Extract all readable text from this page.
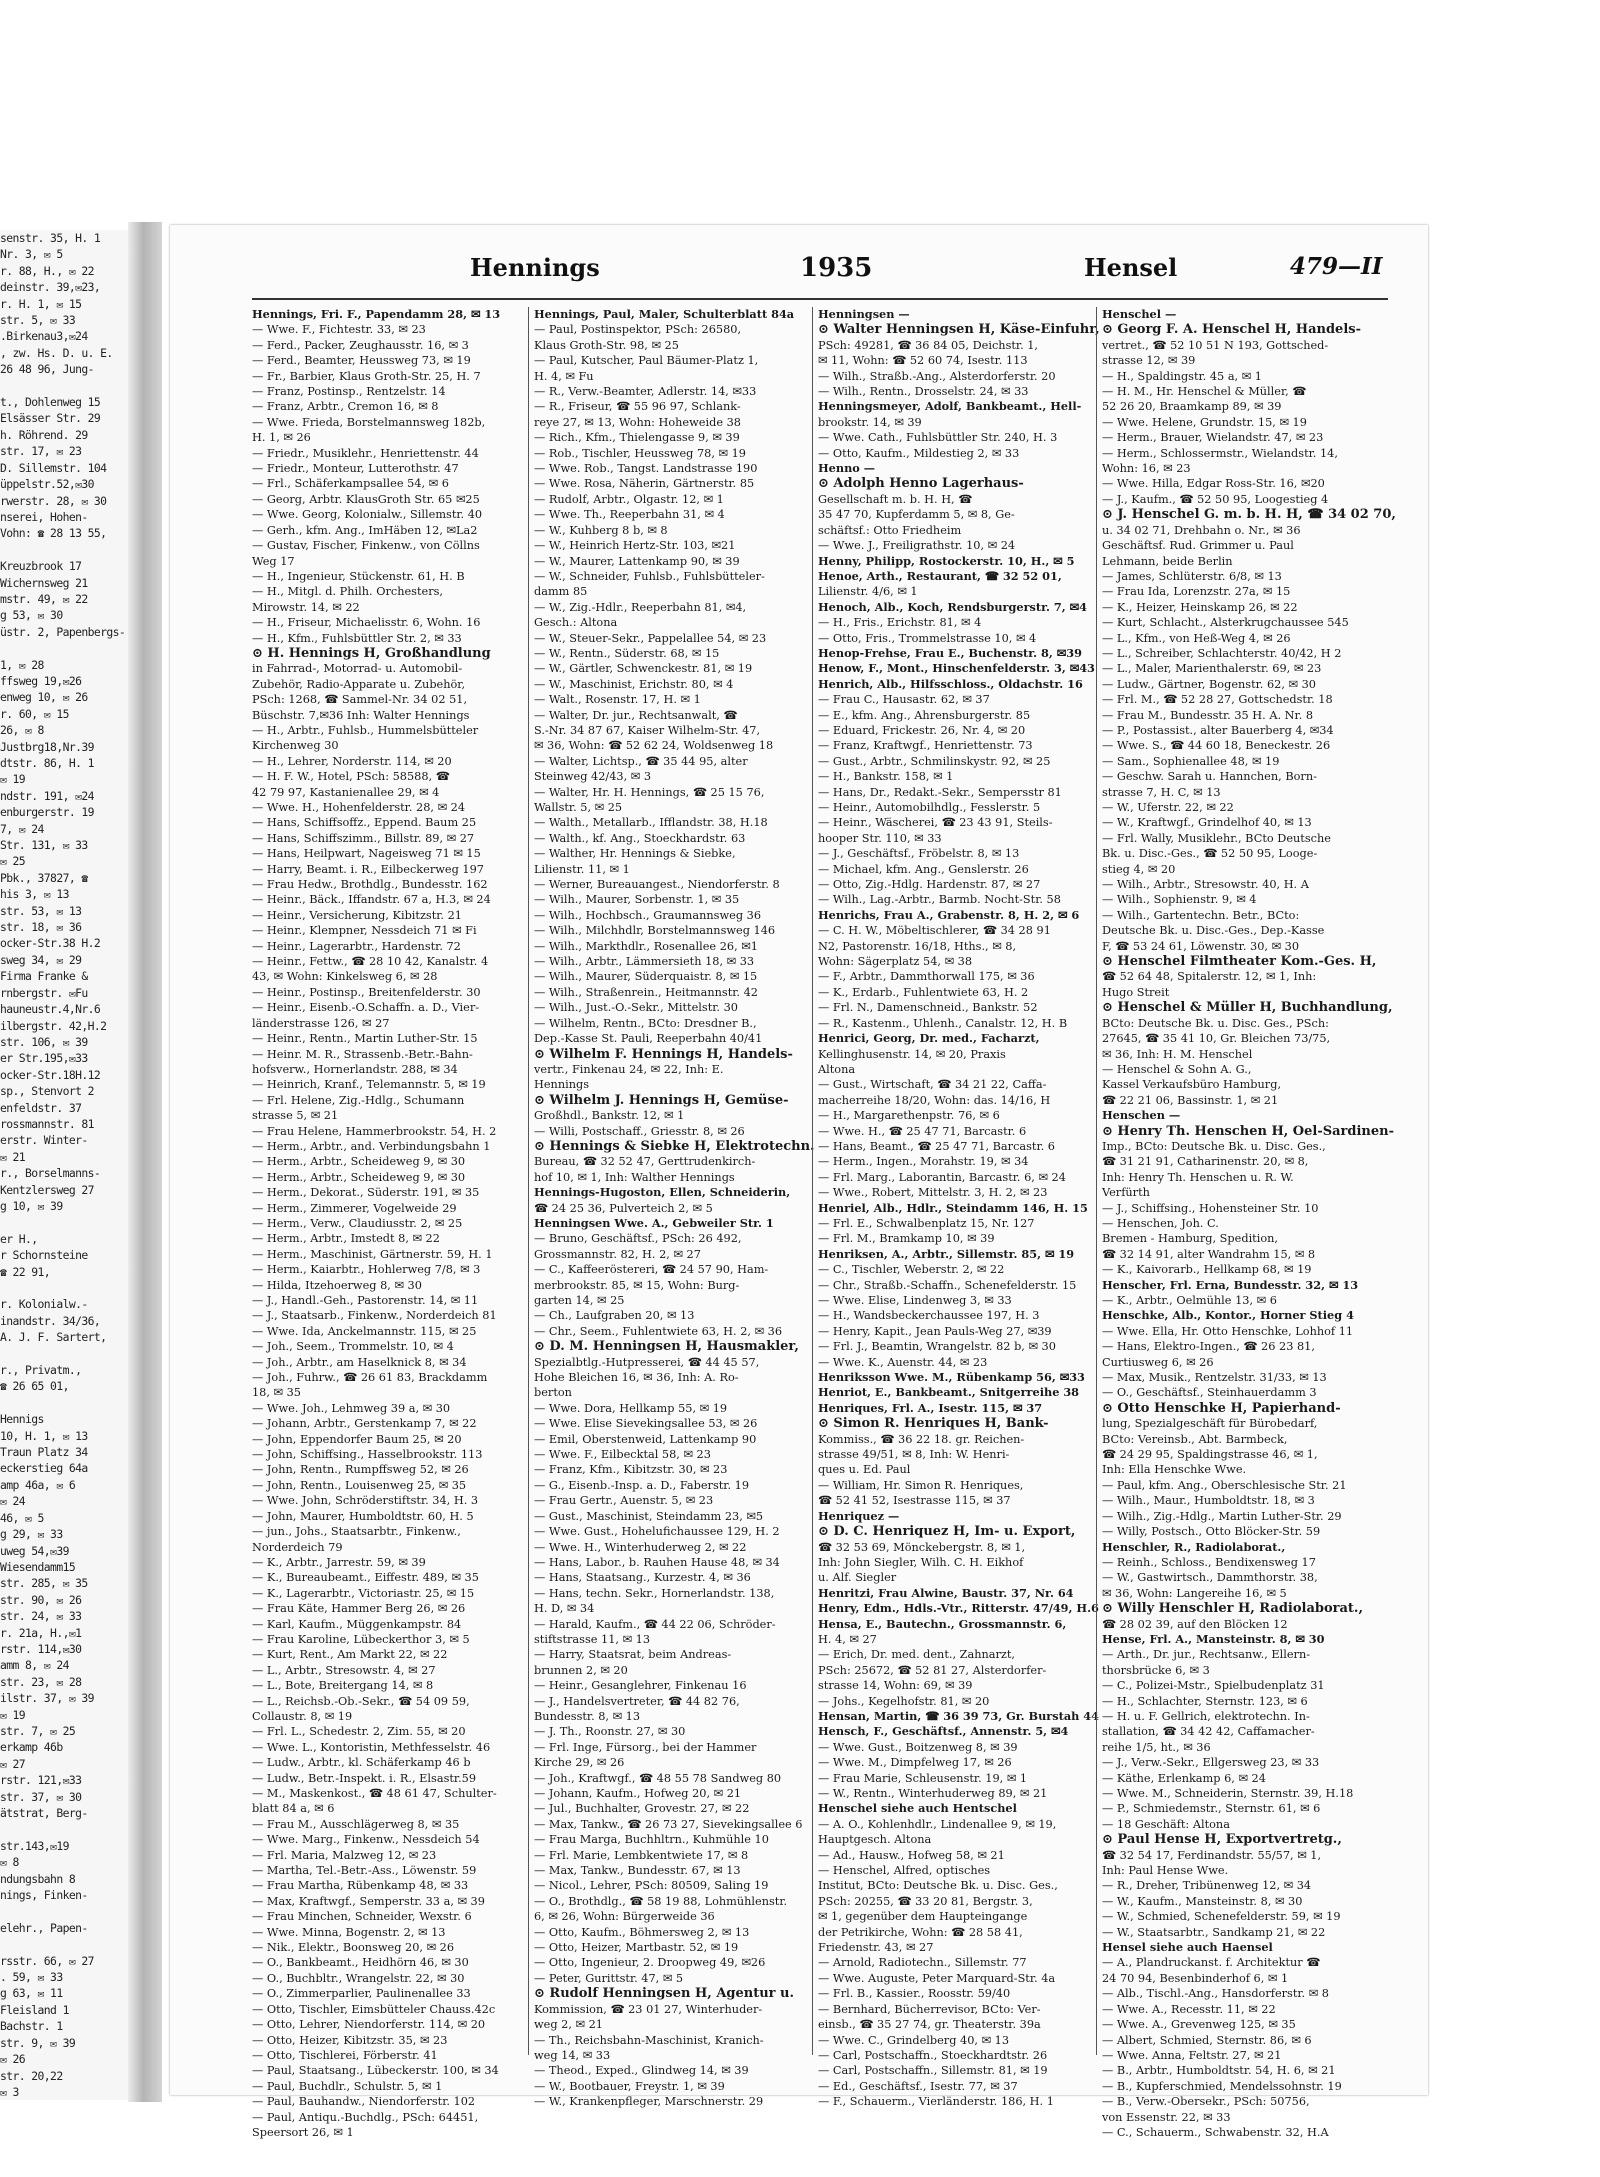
senstr. 35, H. 1
Nr. 3, ✉ 5
r. 88, H., ✉ 22
deinstr. 39,✉23,
r. H. 1, ✉ 15
str. 5, ✉ 33
.Birkenau3,✉24
, zw. Hs. D. u. E.
26 48 96, Jung-

t., Dohlenweg 15
Elsässer Str. 29
h. Röhrend. 29
str. 17, ✉ 23
D. Sillemstr. 104
üppelstr.52,✉30
rwerstr. 28, ✉ 30
nserei, Hohen-
Vohn: ☎ 28 13 55,

Kreuzbrook 17
Wichernsweg 21
mstr. 49, ✉ 22
g 53, ✉ 30
üstr. 2, Papenbergs-

1, ✉ 28
ffsweg 19,✉26
enweg 10, ✉ 26
r. 60, ✉ 15
26, ✉ 8
Justbrg18,Nr.39
dtstr. 86, H. 1
✉ 19
ndstr. 191, ✉24
enburgerstr. 19
7, ✉ 24
Str. 131, ✉ 33
✉ 25
Pbk., 37827, ☎
his 3, ✉ 13
str. 53, ✉ 13
str. 18, ✉ 36
ocker-Str.38 H.2
sweg 34, ✉ 29
Firma Franke &
rnbergstr. ✉Fu
hauneustr.4,Nr.6
ilbergstr. 42,H.2
str. 106, ✉ 39
er Str.195,✉33
ocker-Str.18H.12
sp., Stenvort 2
enfeldstr. 37
rossmannstr. 81
erstr. Winter-
✉ 21
r., Borselmanns-
Kentzlersweg 27
g 10, ✉ 39

er H.,
r Schornsteine
☎ 22 91,

r. Kolonialw.-
inandstr. 34/36,
A. J. F. Sartert,

r., Privatm.,
☎ 26 65 01,

Hennigs
10, H. 1, ✉ 13
Traun Platz 34
eckerstieg 64a
amp 46a, ✉ 6
✉ 24
46, ✉ 5
g 29, ✉ 33
uweg 54,✉39
Wiesendamm15
str. 285, ✉ 35
str. 90, ✉ 26
str. 24, ✉ 33
r. 21a, H.,✉1
rstr. 114,✉30
amm 8, ✉ 24
str. 23, ✉ 28
ilstr. 37, ✉ 39
✉ 19
str. 7, ✉ 25
erkamp 46b
✉ 27
rstr. 121,✉33
str. 37, ✉ 30
ätstrat, Berg-

str.143,✉19
✉ 8
ndungsbahn 8
nings, Finken-

elehr., Papen-

rsstr. 66, ✉ 27
. 59, ✉ 33
g 63, ✉ 11
Fleisland 1
Bachstr. 1
str. 9, ✉ 39
✉ 26
str. 20,22
✉ 3
Hennings	1935	Hensel	479—II
Hennings, Fri. F., Papendamm 28, ✉ 13
— Wwe. F., Fichtestr. 33, ✉ 23
— Ferd., Packer, Zeughausstr. 16, ✉ 3
— Ferd., Beamter, Heussweg 73, ✉ 19
— Fr., Barbier, Klaus Groth-Str. 25, H. 7
— Franz, Postinsp., Rentzelstr. 14
— Franz, Arbtr., Cremon 16, ✉ 8
— Wwe. Frieda, Borstelmannsweg 182b,
H. 1, ✉ 26
— Friedr., Musiklehr., Henriettenstr. 44
— Friedr., Monteur, Lutterothstr. 47
— Frl., Schäferkampsallee 54, ✉ 6
— Georg, Arbtr. KlausGroth Str. 65 ✉25
— Wwe. Georg, Kolonialw., Sillemstr. 40
— Gerh., kfm. Ang., ImHäben 12, ✉La2
— Gustav, Fischer, Finkenw., von Cöllns
Weg 17
— H., Ingenieur, Stückenstr. 61, H. B
— H., Mitgl. d. Philh. Orchesters,
Mirowstr. 14, ✉ 22
— H., Friseur, Michaelisstr. 6, Wohn. 16
— H., Kfm., Fuhlsbüttler Str. 2, ✉ 33
⊙ H. Hennings H, Großhandlung
in Fahrrad-, Motorrad- u. Automobil-
Zubehör, Radio-Apparate u. Zubehör,
PSch: 1268, ☎ Sammel-Nr. 34 02 51,
Büschstr. 7,✉36 Inh: Walter Hennings
— H., Arbtr., Fuhlsb., Hummelsbütteler
Kirchenweg 30
— H., Lehrer, Norderstr. 114, ✉ 20
— H. F. W., Hotel, PSch: 58588, ☎
42 79 97, Kastanienallee 29, ✉ 4
— Wwe. H., Hohenfelderstr. 28, ✉ 24
— Hans, Schiffsoffz., Eppend. Baum 25
— Hans, Schiffszimm., Billstr. 89, ✉ 27
— Hans, Heilpwart, Nageisweg 71 ✉ 15
— Harry, Beamt. i. R., Eilbeckerweg 197
— Frau Hedw., Brothdlg., Bundesstr. 162
— Heinr., Bäck., Iffandstr. 67 a, H.3, ✉ 24
— Heinr., Versicherung, Kibitzstr. 21
— Heinr., Klempner, Nessdeich 71 ✉ Fi
— Heinr., Lagerarbtr., Hardenstr. 72
— Heinr., Fettw., ☎ 28 10 42, Kanalstr. 4
43, ✉ Wohn: Kinkelsweg 6, ✉ 28
— Heinr., Postinsp., Breitenfelderstr. 30
— Heinr., Eisenb.-O.Schaffn. a. D., Vier-
länderstrasse 126, ✉ 27
— Heinr., Rentn., Martin Luther-Str. 15
— Heinr. M. R., Strassenb.-Betr.-Bahn-
hofsverw., Hornerlandstr. 288, ✉ 34
— Heinrich, Kranf., Telemannstr. 5, ✉ 19
— Frl. Helene, Zig.-Hdlg., Schumann
strasse 5, ✉ 21
— Frau Helene, Hammerbrookstr. 54, H. 2
— Herm., Arbtr., and. Verbindungsbahn 1
— Herm., Arbtr., Scheideweg 9, ✉ 30
— Herm., Arbtr., Scheideweg 9, ✉ 30
— Herm., Dekorat., Süderstr. 191, ✉ 35
— Herm., Zimmerer, Vogelweide 29
— Herm., Verw., Claudiusstr. 2, ✉ 25
— Herm., Arbtr., Imstedt 8, ✉ 22
— Herm., Maschinist, Gärtnerstr. 59, H. 1
— Herm., Kaiarbtr., Hohlerweg 7/8, ✉ 3
— Hilda, Itzehoerweg 8, ✉ 30
— J., Handl.-Geh., Pastorenstr. 14, ✉ 11
— J., Staatsarb., Finkenw., Norderdeich 81
— Wwe. Ida, Anckelmannstr. 115, ✉ 25
— Joh., Seem., Trommelstr. 10, ✉ 4
— Joh., Arbtr., am Haselknick 8, ✉ 34
— Joh., Fuhrw., ☎ 26 61 83, Brackdamm
18, ✉ 35
— Wwe. Joh., Lehmweg 39 a, ✉ 30
— Johann, Arbtr., Gerstenkamp 7, ✉ 22
— John, Eppendorfer Baum 25, ✉ 20
— John, Schiffsing., Hasselbrookstr. 113
— John, Rentn., Rumpffsweg 52, ✉ 26
— John, Rentn., Louisenweg 25, ✉ 35
— Wwe. John, Schröderstiftstr. 34, H. 3
— John, Maurer, Humboldtstr. 60, H. 5
— jun., Johs., Staatsarbtr., Finkenw.,
Norderdeich 79
— K., Arbtr., Jarrestr. 59, ✉ 39
— K., Bureaubeamt., Eiffestr. 489, ✉ 35
— K., Lagerarbtr., Victoriastr. 25, ✉ 15
— Frau Käte, Hammer Berg 26, ✉ 26
— Karl, Kaufm., Müggenkampstr. 84
— Frau Karoline, Lübeckerthor 3, ✉ 5
— Kurt, Rent., Am Markt 22, ✉ 22
— L., Arbtr., Stresowstr. 4, ✉ 27
— L., Bote, Breitergang 14, ✉ 8
— L., Reichsb.-Ob.-Sekr., ☎ 54 09 59,
Collaustr. 8, ✉ 19
— Frl. L., Schedestr. 2, Zim. 55, ✉ 20
— Wwe. L., Kontoristin, Methfesselstr. 46
— Ludw., Arbtr., kl. Schäferkamp 46 b
— Ludw., Betr.-Inspekt. i. R., Elsastr.59
— M., Maskenkost., ☎ 48 61 47, Schulter-
blatt 84 a, ✉ 6
— Frau M., Ausschlägerweg 8, ✉ 35
— Wwe. Marg., Finkenw., Nessdeich 54
— Frl. Maria, Malzweg 12, ✉ 23
— Martha, Tel.-Betr.-Ass., Löwenstr. 59
— Frau Martha, Rübenkamp 48, ✉ 33
— Max, Kraftwgf., Semperstr. 33 a, ✉ 39
— Frau Minchen, Schneider, Wexstr. 6
— Wwe. Minna, Bogenstr. 2, ✉ 13
— Nik., Elektr., Boonsweg 20, ✉ 26
— O., Bankbeamt., Heidhörn 46, ✉ 30
— O., Buchbltr., Wrangelstr. 22, ✉ 30
— O., Zimmerparlier, Paulinenallee 33
— Otto, Tischler, Eimsbütteler Chauss.42c
— Otto, Lehrer, Niendorferstr. 114, ✉ 20
— Otto, Heizer, Kibitzstr. 35, ✉ 23
— Otto, Tischlerei, Förberstr. 41
— Paul, Staatsang., Lübeckerstr. 100, ✉ 34
— Paul, Buchdlr., Schulstr. 5, ✉ 1
— Paul, Bauhandw., Niendorferstr. 102
— Paul, Antiqu.-Buchdlg., PSch: 64451,
Speersort 26, ✉ 1
Hennings, Paul, Maler, Schulterblatt 84a
— Paul, Postinspektor, PSch: 26580,
Klaus Groth-Str. 98, ✉ 25
— Paul, Kutscher, Paul Bäumer-Platz 1,
H. 4, ✉ Fu
— R., Verw.-Beamter, Adlerstr. 14, ✉33
— R., Friseur, ☎ 55 96 97, Schlank-
reye 27, ✉ 13, Wohn: Hoheweide 38
— Rich., Kfm., Thielengasse 9, ✉ 39
— Rob., Tischler, Heussweg 78, ✉ 19
— Wwe. Rob., Tangst. Landstrasse 190
— Wwe. Rosa, Näherin, Gärtnerstr. 85
— Rudolf, Arbtr., Olgastr. 12, ✉ 1
— Wwe. Th., Reeperbahn 31, ✉ 4
— W., Kuhberg 8 b, ✉ 8
— W., Heinrich Hertz-Str. 103, ✉21
— W., Maurer, Lattenkamp 90, ✉ 39
— W., Schneider, Fuhlsb., Fuhlsbütteler-
damm 85
— W., Zig.-Hdlr., Reeperbahn 81, ✉4,
Gesch.: Altona
— W., Steuer-Sekr., Pappelallee 54, ✉ 23
— W., Rentn., Süderstr. 68, ✉ 15
— W., Gärtler, Schwenckestr. 81, ✉ 19
— W., Maschinist, Erichstr. 80, ✉ 4
— Walt., Rosenstr. 17, H. ✉ 1
— Walter, Dr. jur., Rechtsanwalt, ☎
S.-Nr. 34 87 67, Kaiser Wilhelm-Str. 47,
✉ 36, Wohn: ☎ 52 62 24, Woldsenweg 18
— Walter, Lichtsp., ☎ 35 44 95, alter
Steinweg 42/43, ✉ 3
— Walter, Hr. H. Hennings, ☎ 25 15 76,
Wallstr. 5, ✉ 25
— Walth., Metallarb., Ifflandstr. 38, H.18
— Walth., kf. Ang., Stoeckhardstr. 63
— Walther, Hr. Hennings & Siebke,
Lilienstr. 11, ✉ 1
— Werner, Bureauangest., Niendorferstr. 8
— Wilh., Maurer, Sorbenstr. 1, ✉ 35
— Wilh., Hochbsch., Graumannsweg 36
— Wilh., Milchhdlr, Borstelmannsweg 146
— Wilh., Markthdlr., Rosenallee 26, ✉1
— Wilh., Arbtr., Lämmersieth 18, ✉ 33
— Wilh., Maurer, Süderquaistr. 8, ✉ 15
— Wilh., Straßenrein., Heitmannstr. 42
— Wilh., Just.-O.-Sekr., Mittelstr. 30
— Wilhelm, Rentn., BCto: Dresdner B.,
Dep.-Kasse St. Pauli, Reeperbahn 40/41
⊙ Wilhelm F. Hennings H, Handels-
vertr., Finkenau 24, ✉ 22, Inh: E.
Hennings
⊙ Wilhelm J. Hennings H, Gemüse-
Großhdl., Bankstr. 12, ✉ 1
— Willi, Postschaff., Griesstr. 8, ✉ 26
⊙ Hennings & Siebke H, Elektrotechn.
Bureau, ☎ 32 52 47, Gerttrudenkirch-
hof 10, ✉ 1, Inh: Walther Hennings
Hennings-Hugoston, Ellen, Schneiderin,
☎ 24 25 36, Pulverteich 2, ✉ 5
Henningsen Wwe. A., Gebweiler Str. 1
— Bruno, Geschäftsf., PSch: 26 492,
Grossmannstr. 82, H. 2, ✉ 27
— C., Kaffeeröstereri, ☎ 24 57 90, Ham-
merbrookstr. 85, ✉ 15, Wohn: Burg-
garten 14, ✉ 25
— Ch., Laufgraben 20, ✉ 13
— Chr., Seem., Fuhlentwiete 63, H. 2, ✉ 36
⊙ D. M. Henningsen H, Hausmakler,
Spezialbtlg.-Hutpresserei, ☎ 44 45 57,
Hohe Bleichen 16, ✉ 36, Inh: A. Ro-
berton
— Wwe. Dora, Hellkamp 55, ✉ 19
— Wwe. Elise Sievekingsallee 53, ✉ 26
— Emil, Oberstenweid, Lattenkamp 90
— Wwe. F., Eilbecktal 58, ✉ 23
— Franz, Kfm., Kibitzstr. 30, ✉ 23
— G., Eisenb.-Insp. a. D., Faberstr. 19
— Frau Gertr., Auenstr. 5, ✉ 23
— Gust., Maschinist, Steindamm 23, ✉5
— Wwe. Gust., Hohelufichaussee 129, H. 2
— Wwe. H., Winterhuderweg 2, ✉ 22
— Hans, Labor., b. Rauhen Hause 48, ✉ 34
— Hans, Staatsang., Kurzestr. 4, ✉ 36
— Hans, techn. Sekr., Hornerlandstr. 138,
H. D, ✉ 34
— Harald, Kaufm., ☎ 44 22 06, Schröder-
stiftstrasse 11, ✉ 13
— Harry, Staatsrat, beim Andreas-
brunnen 2, ✉ 20
— Heinr., Gesanglehrer, Finkenau 16
— J., Handelsvertreter, ☎ 44 82 76,
Bundesstr. 8, ✉ 13
— J. Th., Roonstr. 27, ✉ 30
— Frl. Inge, Fürsorg., bei der Hammer
Kirche 29, ✉ 26
— Joh., Kraftwgf., ☎ 48 55 78 Sandweg 80
— Johann, Kaufm., Hofweg 20, ✉ 21
— Jul., Buchhalter, Grovestr. 27, ✉ 22
— Max, Tankw., ☎ 26 73 27, Sievekingsallee 6
— Frau Marga, Buchhltrn., Kuhmühle 10
— Frl. Marie, Lembkentwiete 17, ✉ 8
— Max, Tankw., Bundesstr. 67, ✉ 13
— Nicol., Lehrer, PSch: 80509, Saling 19
— O., Brothdlg., ☎ 58 19 88, Lohmühlenstr.
6, ✉ 26, Wohn: Bürgerweide 36
— Otto, Kaufm., Böhmersweg 2, ✉ 13
— Otto, Heizer, Martbastr. 52, ✉ 19
— Otto, Ingenieur, 2. Droopweg 49, ✉26
— Peter, Gurittstr. 47, ✉ 5
⊙ Rudolf Henningsen H, Agentur u.
Kommission, ☎ 23 01 27, Winterhuder-
weg 2, ✉ 21
— Th., Reichsbahn-Maschinist, Kranich-
weg 14, ✉ 33
— Theod., Exped., Glindweg 14, ✉ 39
— W., Bootbauer, Freystr. 1, ✉ 39
— W., Krankenpfleger, Marschnerstr. 29
Henningsen —
⊙ Walter Henningsen H, Käse-Einfuhr,
PSch: 49281, ☎ 36 84 05, Deichstr. 1,
✉ 11, Wohn: ☎ 52 60 74, Isestr. 113
— Wilh., Straßb.-Ang., Alsterdorferstr. 20
— Wilh., Rentn., Drosselstr. 24, ✉ 33
Henningsmeyer, Adolf, Bankbeamt., Hell-
brookstr. 14, ✉ 39
— Wwe. Cath., Fuhlsbüttler Str. 240, H. 3
— Otto, Kaufm., Mildestieg 2, ✉ 33
Henno —
⊙ Adolph Henno Lagerhaus-
Gesellschaft m. b. H. H, ☎
35 47 70, Kupferdamm 5, ✉ 8, Ge-
schäftsf.: Otto Friedheim
— Wwe. J., Freiligrathstr. 10, ✉ 24
Henny, Philipp, Rostockerstr. 10, H., ✉ 5
Henoe, Arth., Restaurant, ☎ 32 52 01,
Lilienstr. 4/6, ✉ 1
Henoch, Alb., Koch, Rendsburgerstr. 7, ✉4
— H., Fris., Erichstr. 81, ✉ 4
— Otto, Fris., Trommelstrasse 10, ✉ 4
Henop-Frehse, Frau E., Buchenstr. 8, ✉39
Henow, F., Mont., Hinschenfelderstr. 3, ✉43
Henrich, Alb., Hilfsschloss., Oldachstr. 16
— Frau C., Hausastr. 62, ✉ 37
— E., kfm. Ang., Ahrensburgerstr. 85
— Eduard, Frickestr. 26, Nr. 4, ✉ 20
— Franz, Kraftwgf., Henriettenstr. 73
— Gust., Arbtr., Schmilinskystr. 92, ✉ 25
— H., Bankstr. 158, ✉ 1
— Hans, Dr., Redakt.-Sekr., Sempersstr 81
— Heinr., Automobilhdlg., Fesslerstr. 5
— Heinr., Wäscherei, ☎ 23 43 91, Steils-
hooper Str. 110, ✉ 33
— J., Geschäftsf., Fröbelstr. 8, ✉ 13
— Michael, kfm. Ang., Genslerstr. 26
— Otto, Zig.-Hdlg. Hardenstr. 87, ✉ 27
— Wilh., Lag.-Arbtr., Barmb. Nocht-Str. 58
Henrichs, Frau A., Grabenstr. 8, H. 2, ✉ 6
— C. H. W., Möbeltischlerer, ☎ 34 28 91
N2, Pastorenstr. 16/18, Hths., ✉ 8,
Wohn: Sägerplatz 54, ✉ 38
— F., Arbtr., Dammthorwall 175, ✉ 36
— K., Erdarb., Fuhlentwiete 63, H. 2
— Frl. N., Damenschneid., Bankstr. 52
— R., Kastenm., Uhlenh., Canalstr. 12, H. B
Henrici, Georg, Dr. med., Facharzt,
Kellinghusenstr. 14, ✉ 20, Praxis
Altona
— Gust., Wirtschaft, ☎ 34 21 22, Caffa-
macherreihe 18/20, Wohn: das. 14/16, H
— H., Margarethenpstr. 76, ✉ 6
— Wwe. H., ☎ 25 47 71, Barcastr. 6
— Hans, Beamt., ☎ 25 47 71, Barcastr. 6
— Herm., Ingen., Morahstr. 19, ✉ 34
— Frl. Marg., Laborantin, Barcastr. 6, ✉ 24
— Wwe., Robert, Mittelstr. 3, H. 2, ✉ 23
Henriel, Alb., Hdlr., Steindamm 146, H. 15
— Frl. E., Schwalbenplatz 15, Nr. 127
— Frl. M., Bramkamp 10, ✉ 39
Henriksen, A., Arbtr., Sillemstr. 85, ✉ 19
— C., Tischler, Weberstr. 2, ✉ 22
— Chr., Straßb.-Schaffn., Schenefelderstr. 15
— Wwe. Elise, Lindenweg 3, ✉ 33
— H., Wandsbeckerchaussee 197, H. 3
— Henry, Kapit., Jean Pauls-Weg 27, ✉39
— Frl. J., Beamtin, Wrangelstr. 82 b, ✉ 30
— Wwe. K., Auenstr. 44, ✉ 23
Henriksson Wwe. M., Rübenkamp 56, ✉33
Henriot, E., Bankbeamt., Snitgerreihe 38
Henriques, Frl. A., Isestr. 115, ✉ 37
⊙ Simon R. Henriques H, Bank-
Kommiss., ☎ 36 22 18. gr. Reichen-
strasse 49/51, ✉ 8, Inh: W. Henri-
ques u. Ed. Paul
— William, Hr. Simon R. Henriques,
☎ 52 41 52, Isestrasse 115, ✉ 37
Henriquez —
⊙ D. C. Henriquez H, Im- u. Export,
☎ 32 53 69, Mönckebergstr. 8, ✉ 1,
Inh: John Siegler, Wilh. C. H. Eikhof
u. Alf. Siegler
Henritzi, Frau Alwine, Baustr. 37, Nr. 64
Henry, Edm., Hdls.-Vtr., Ritterstr. 47/49, H.6
Hensa, E., Bautechn., Grossmannstr. 6,
H. 4, ✉ 27
— Erich, Dr. med. dent., Zahnarzt,
PSch: 25672, ☎ 52 81 27, Alsterdorfer-
strasse 14, Wohn: 69, ✉ 39
— Johs., Kegelhofstr. 81, ✉ 20
Hensan, Martin, ☎ 36 39 73, Gr. Burstah 44
Hensch, F., Geschäftsf., Annenstr. 5, ✉4
— Wwe. Gust., Boitzenweg 8, ✉ 39
— Wwe. M., Dimpfelweg 17, ✉ 26
— Frau Marie, Schleusenstr. 19, ✉ 1
— W., Rentn., Winterhuderweg 89, ✉ 21
Henschel siehe auch Hentschel
— A. O., Kohlenhdlr., Lindenallee 9, ✉ 19,
Hauptgesch. Altona
— Ad., Hausw., Hofweg 58, ✉ 21
— Henschel, Alfred, optisches
Institut, BCto: Deutsche Bk. u. Disc. Ges.,
PSch: 20255, ☎ 33 20 81, Bergstr. 3,
✉ 1, gegenüber dem Haupteingange
der Petrikirche, Wohn: ☎ 28 58 41,
Friedenstr. 43, ✉ 27
— Arnold, Radiotechn., Sillemstr. 77
— Wwe. Auguste, Peter Marquard-Str. 4a
— Frl. B., Kassier., Roosstr. 59/40
— Bernhard, Bücherrevisor, BCto: Ver-
einsb., ☎ 35 27 74, gr. Theaterstr. 39a
— Wwe. C., Grindelberg 40, ✉ 13
— Carl, Postschaffn., Stoeckhardtstr. 26
— Carl, Postschaffn., Sillemstr. 81, ✉ 19
— Ed., Geschäftsf., Isestr. 77, ✉ 37
— F., Schauerm., Vierländerstr. 186, H. 1
Henschel —
⊙ Georg F. A. Henschel H, Handels-
vertret., ☎ 52 10 51 N 193, Gottsched-
strasse 12, ✉ 39
— H., Spaldingstr. 45 a, ✉ 1
— H. M., Hr. Henschel & Müller, ☎
52 26 20, Braamkamp 89, ✉ 39
— Wwe. Helene, Grundstr. 15, ✉ 19
— Herm., Brauer, Wielandstr. 47, ✉ 23
— Herm., Schlossermstr., Wielandstr. 14,
Wohn: 16, ✉ 23
— Wwe. Hilla, Edgar Ross-Str. 16, ✉20
— J., Kaufm., ☎ 52 50 95, Loogestieg 4
⊙ J. Henschel G. m. b. H. H, ☎ 34 02 70,
u. 34 02 71, Drehbahn o. Nr., ✉ 36
Geschäftsf. Rud. Grimmer u. Paul
Lehmann, beide Berlin
— James, Schlüterstr. 6/8, ✉ 13
— Frau Ida, Lorenzstr. 27a, ✉ 15
— K., Heizer, Heinskamp 26, ✉ 22
— Kurt, Schlacht., Alsterkrugchaussee 545
— L., Kfm., von Heß-Weg 4, ✉ 26
— L., Schreiber, Schlachterstr. 40/42, H 2
— L., Maler, Marienthalerstr. 69, ✉ 23
— Ludw., Gärtner, Bogenstr. 62, ✉ 30
— Frl. M., ☎ 52 28 27, Gottschedstr. 18
— Frau M., Bundesstr. 35 H. A. Nr. 8
— P., Postassist., alter Bauerberg 4, ✉34
— Wwe. S., ☎ 44 60 18, Beneckestr. 26
— Sam., Sophienallee 48, ✉ 19
— Geschw. Sarah u. Hannchen, Born-
strasse 7, H. C, ✉ 13
— W., Uferstr. 22, ✉ 22
— W., Kraftwgf., Grindelhof 40, ✉ 13
— Frl. Wally, Musiklehr., BCto Deutsche
Bk. u. Disc.-Ges., ☎ 52 50 95, Looge-
stieg 4, ✉ 20
— Wilh., Arbtr., Stresowstr. 40, H. A
— Wilh., Sophienstr. 9, ✉ 4
— Wilh., Gartentechn. Betr., BCto:
Deutsche Bk. u. Disc.-Ges., Dep.-Kasse
F, ☎ 53 24 61, Löwenstr. 30, ✉ 30
⊙ Henschel Filmtheater Kom.-Ges. H,
☎ 52 64 48, Spitalerstr. 12, ✉ 1, Inh:
Hugo Streit
⊙ Henschel & Müller H, Buchhandlung,
BCto: Deutsche Bk. u. Disc. Ges., PSch:
27645, ☎ 35 41 10, Gr. Bleichen 73/75,
✉ 36, Inh: H. M. Henschel
— Henschel & Sohn A. G.,
Kassel Verkaufsbüro Hamburg,
☎ 22 21 06, Bassinstr. 1, ✉ 21
Henschen —
⊙ Henry Th. Henschen H, Oel-Sardinen-
Imp., BCto: Deutsche Bk. u. Disc. Ges.,
☎ 31 21 91, Catharinenstr. 20, ✉ 8,
Inh: Henry Th. Henschen u. R. W.
Verfürth
— J., Schiffsing., Hohensteiner Str. 10
— Henschen, Joh. C.
Bremen - Hamburg, Spedition,
☎ 32 14 91, alter Wandrahm 15, ✉ 8
— K., Kaivorarb., Hellkamp 68, ✉ 19
Henscher, Frl. Erna, Bundesstr. 32, ✉ 13
— K., Arbtr., Oelmühle 13, ✉ 6
Henschke, Alb., Kontor., Horner Stieg 4
— Wwe. Ella, Hr. Otto Henschke, Lohhof 11
— Hans, Elektro-Ingen., ☎ 26 23 81,
Curtiusweg 6, ✉ 26
— Max, Musik., Rentzelstr. 31/33, ✉ 13
— O., Geschäftsf., Steinhauerdamm 3
⊙ Otto Henschke H, Papierhand-
lung, Spezialgeschäft für Bürobedarf,
BCto: Vereinsb., Abt. Barmbeck,
☎ 24 29 95, Spaldingstrasse 46, ✉ 1,
Inh: Ella Henschke Wwe.
— Paul, kfm. Ang., Oberschlesische Str. 21
— Wilh., Maur., Humboldtstr. 18, ✉ 3
— Wilh., Zig.-Hdlg., Martin Luther-Str. 29
— Willy, Postsch., Otto Blöcker-Str. 59
Henschler, R., Radiolaborat.,
— Reinh., Schloss., Bendixensweg 17
— W., Gastwirtsch., Dammthorstr. 38,
✉ 36, Wohn: Langereihe 16, ✉ 5
⊙ Willy Henschler H, Radiolaborat.,
☎ 28 02 39, auf den Blöcken 12
Hense, Frl. A., Mansteinstr. 8, ✉ 30
— Arth., Dr. jur., Rechtsanw., Ellern-
thorsbrücke 6, ✉ 3
— C., Polizei-Mstr., Spielbudenplatz 31
— H., Schlachter, Sternstr. 123, ✉ 6
— H. u. F. Gellrich, elektrotechn. In-
stallation, ☎ 34 42 42, Caffamacher-
reihe 1/5, ht., ✉ 36
— J., Verw.-Sekr., Ellgersweg 23, ✉ 33
— Käthe, Erlenkamp 6, ✉ 24
— Wwe. M., Schneiderin, Sternstr. 39, H.18
— P., Schmiedemstr., Sternstr. 61, ✉ 6
— 18 Geschäft: Altona
⊙ Paul Hense H, Exportvertretg.,
☎ 32 54 17, Ferdinandstr. 55/57, ✉ 1,
Inh: Paul Hense Wwe.
— R., Dreher, Tribünenweg 12, ✉ 34
— W., Kaufm., Mansteinstr. 8, ✉ 30
— W., Schmied, Schenefelderstr. 59, ✉ 19
— W., Staatsarbtr., Sandkamp 21, ✉ 22
Hensel siehe auch Haensel
— A., Plandruckanst. f. Architektur ☎
24 70 94, Besenbinderhof 6, ✉ 1
— Alb., Tischl.-Ang., Hansdorferstr. ✉ 8
— Wwe. A., Recesstr. 11, ✉ 22
— Wwe. A., Grevenweg 125, ✉ 35
— Albert, Schmied, Sternstr. 86, ✉ 6
— Wwe. Anna, Feltstr. 27, ✉ 21
— B., Arbtr., Humboldtstr. 54, H. 6, ✉ 21
— B., Kupferschmied, Mendelssohnstr. 19
— B., Verw.-Obersekr., PSch: 50756,
von Essenstr. 22, ✉ 33
— C., Schauerm., Schwabenstr. 32, H.A
